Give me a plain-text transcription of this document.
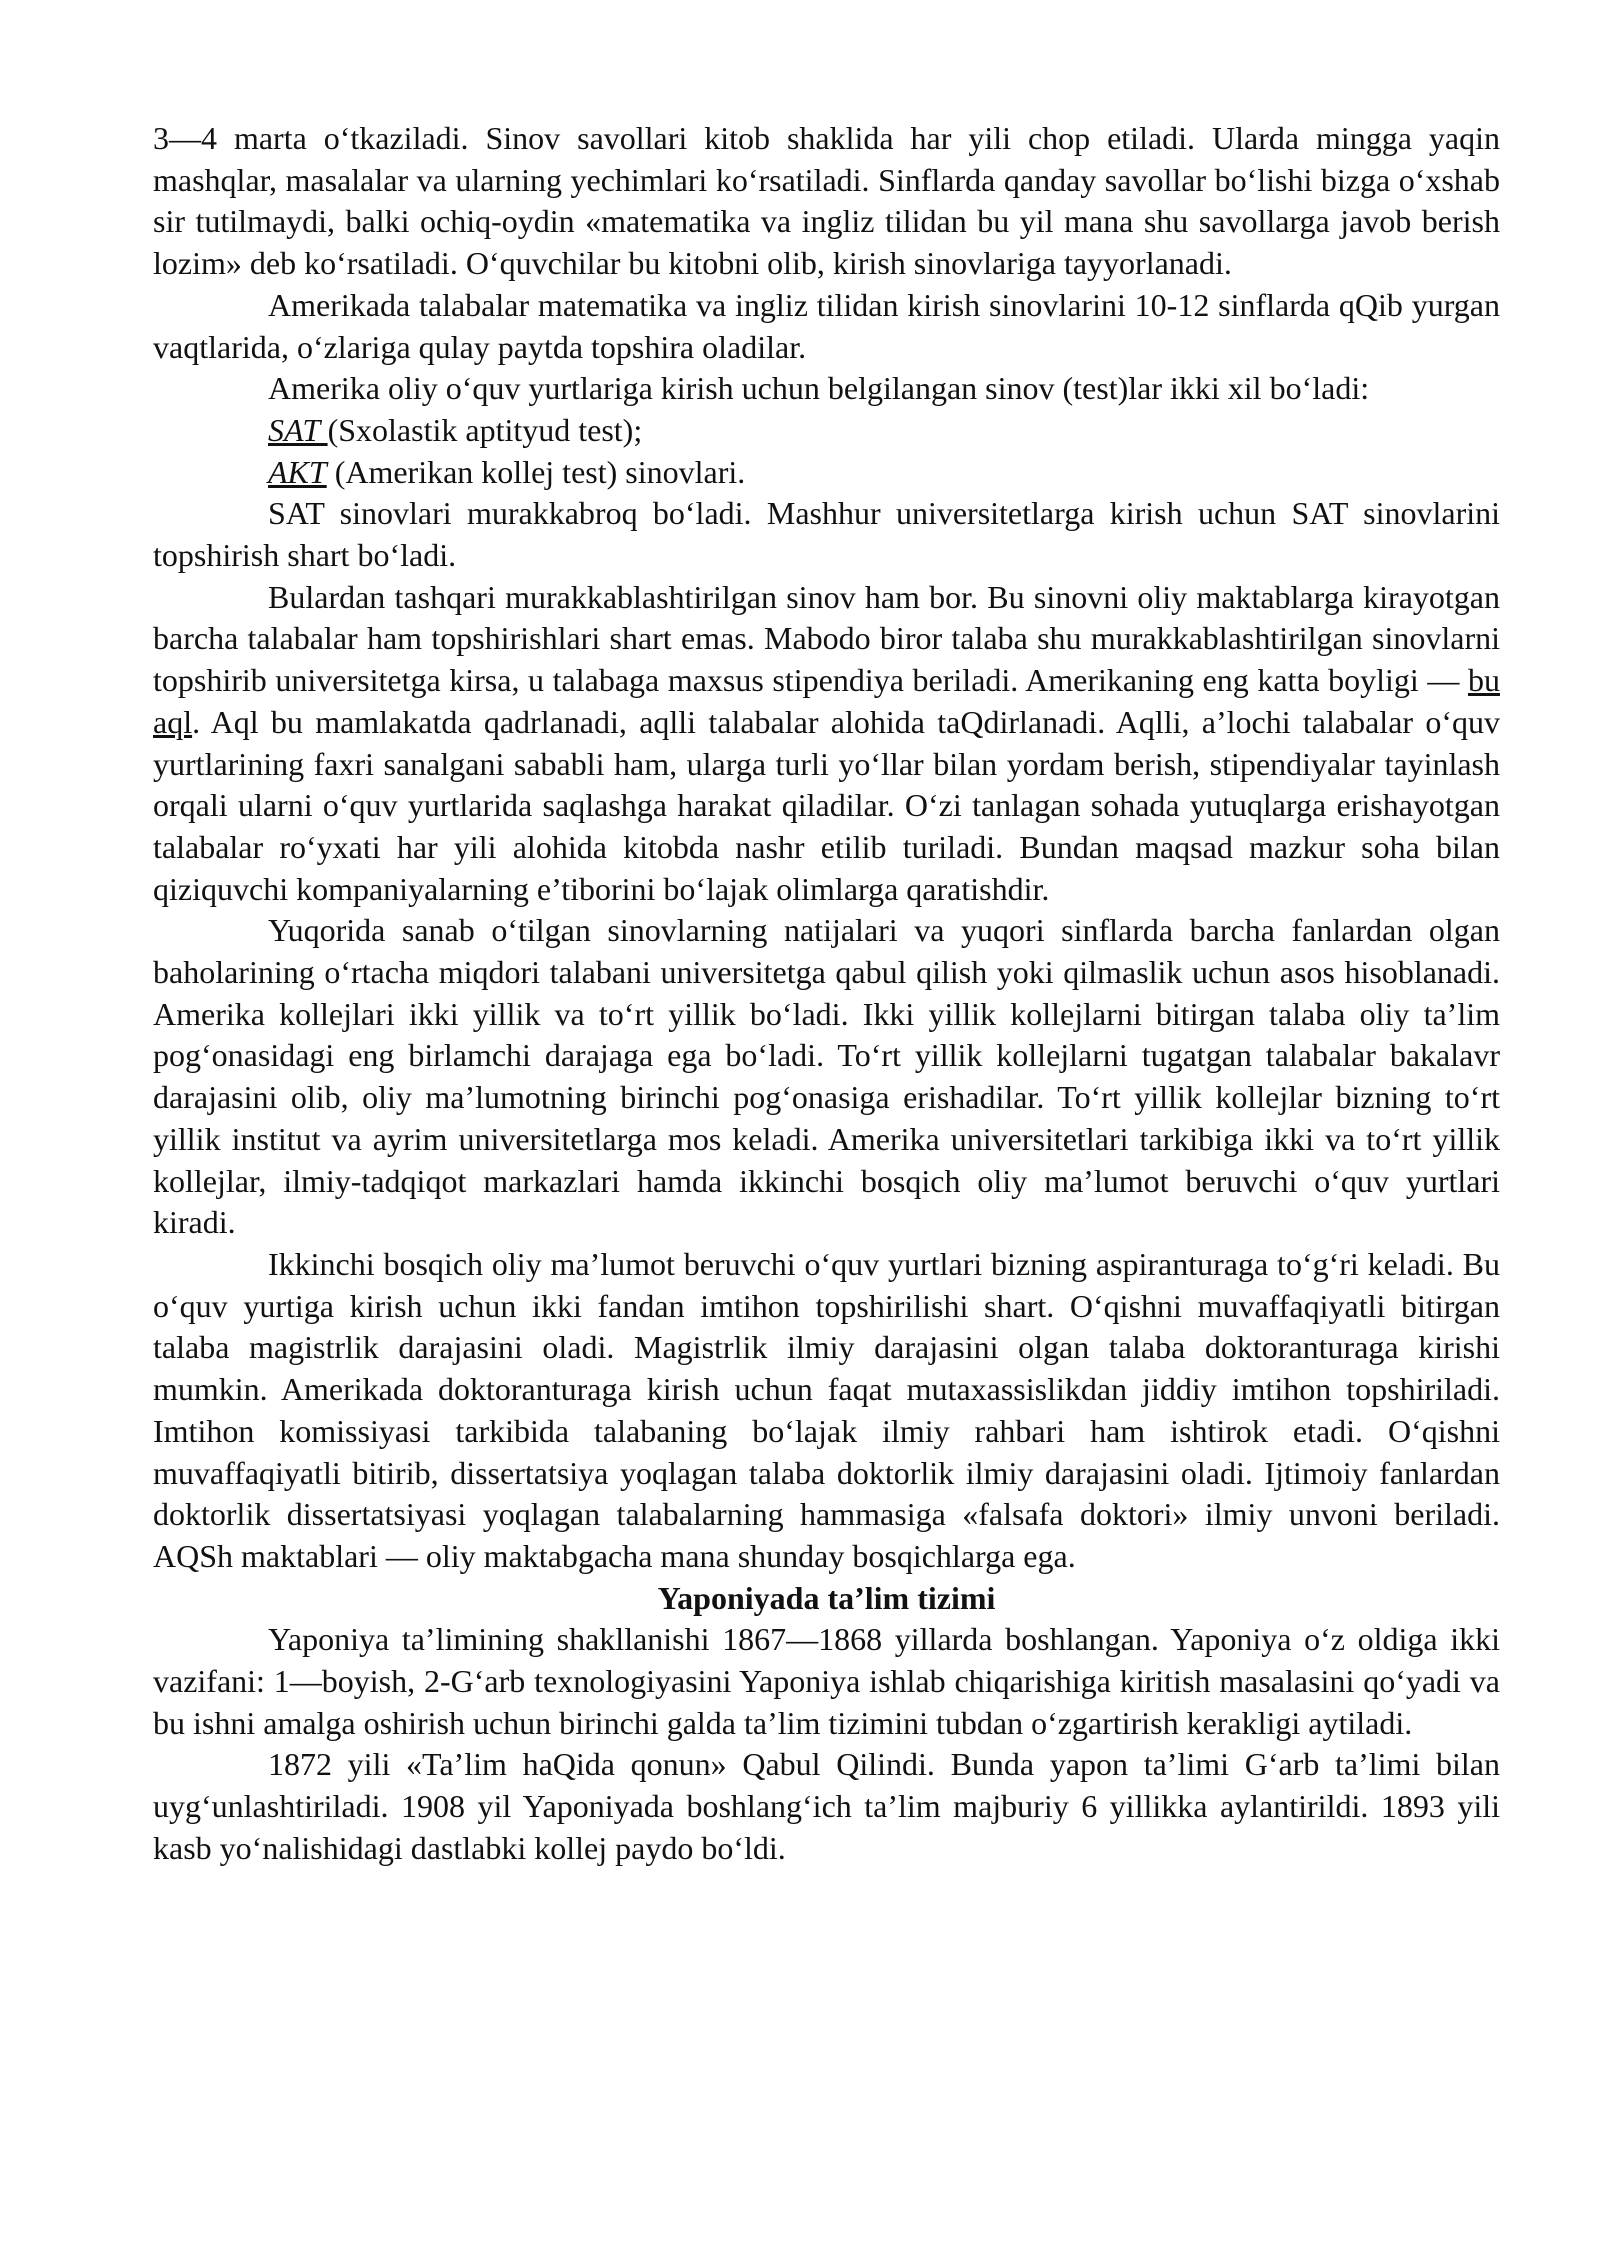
3—4 marta o‘tkaziladi. Sinov savollari kitob shaklida har yili chop etiladi. Ularda mingga yaqin mashqlar, masalalar va ularning yechimlari ko‘rsatiladi. Sinflarda qanday savollar bo‘lishi bizga o‘xshab sir tutilmaydi, balki ochiq-oydin «matematika va ingliz tilidan bu yil mana shu savollarga javob berish lozim» deb ko‘rsatiladi. O‘quvchilar bu kitobni olib, kirish sinovlariga tayyorlanadi.

Amerikada talabalar matematika va ingliz tilidan kirish sinovlarini 10-12 sinflarda qQib yurgan vaqtlarida, o‘zlariga qulay paytda topshira oladilar.

Amerika oliy o‘quv yurtlariga kirish uchun belgilangan sinov (test)lar ikki xil bo‘ladi:

SAT (Sxolastik aptityud test);

AKT (Amerikan kollej test) sinovlari.

SAT sinovlari murakkabroq bo‘ladi. Mashhur universitetlarga kirish uchun SAT sinovlarini topshirish shart bo‘ladi.

Bulardan tashqari murakkablashtirilgan sinov ham bor. Bu sinovni oliy maktablarga kirayotgan barcha talabalar ham topshirishlari shart emas. Mabodo biror talaba shu murakkablashtirilgan sinovlarni topshirib universitetga kirsa, u talabaga maxsus stipendiya beriladi. Amerikaning eng katta boyligi — bu aql. Aql bu mamlakatda qadrlanadi, aqlli talabalar alohida taQdirlanadi. Aqlli, a’lochi talabalar o‘quv yurtlarining faxri sanalgani sababli ham, ularga turli yo‘llar bilan yordam berish, stipendiyalar tayinlash orqali ularni o‘quv yurtlarida saqlashga harakat qiladilar. O‘zi tanlagan sohada yutuqlarga erishayotgan talabalar ro‘yxati har yili alohida kitobda nashr etilib turiladi. Bundan maqsad mazkur soha bilan qiziquvchi kompaniyalarning e’tiborini bo‘lajak olimlarga qaratishdir.

Yuqorida sanab o‘tilgan sinovlarning natijalari va yuqori sinflarda barcha fanlardan olgan baholarining o‘rtacha miqdori talabani universitetga qabul qilish yoki qilmaslik uchun asos hisoblanadi. Amerika kollejlari ikki yillik va to‘rt yillik bo‘ladi. Ikki yillik kollejlarni bitirgan talaba oliy ta’lim pog‘onasidagi eng birlamchi darajaga ega bo‘ladi. To‘rt yillik kollejlarni tugatgan talabalar bakalavr darajasini olib, oliy ma’lumotning birinchi pog‘onasiga erishadilar. To‘rt yillik kollejlar bizning to‘rt yillik institut va ayrim universitetlarga mos keladi. Amerika universitetlari tarkibiga ikki va to‘rt yillik kollejlar, ilmiy-tadqiqot markazlari hamda ikkinchi bosqich oliy ma’lumot beruvchi o‘quv yurtlari kiradi.

Ikkinchi bosqich oliy ma’lumot beruvchi o‘quv yurtlari bizning aspiranturaga to‘g‘ri keladi. Bu o‘quv yurtiga kirish uchun ikki fandan imtihon topshirilishi shart. O‘qishni muvaffaqiyatli bitirgan talaba magistrlik darajasini oladi. Magistrlik ilmiy darajasini olgan talaba doktoranturaga kirishi mumkin. Amerikada doktoranturaga kirish uchun faqat mutaxassislikdan jiddiy imtihon topshiriladi. Imtihon komissiyasi tarkibida talabaning bo‘lajak ilmiy rahbari ham ishtirok etadi. O‘qishni muvaffaqiyatli bitirib, dissertatsiya yoqlagan talaba doktorlik ilmiy darajasini oladi. Ijtimoiy fanlardan doktorlik dissertatsiyasi yoqlagan talabalarning hammasiga «falsafa doktori» ilmiy unvoni beriladi. AQSh maktablari — oliy maktabgacha mana shunday bosqichlarga ega.

Yaponiyada ta’lim tizimi

Yaponiya ta’limining shakllanishi 1867—1868 yillarda boshlangan. Yaponiya o‘z oldiga ikki vazifani: 1—boyish, 2-G‘arb texnologiyasini Yaponiya ishlab chiqarishiga kiritish masalasini qo‘yadi va bu ishni amalga oshirish uchun birinchi galda ta’lim tizimini tubdan o‘zgartirish kerakligi aytiladi.

1872 yili «Ta’lim haQida qonun» Qabul Qilindi. Bunda yapon ta’limi G‘arb ta’limi bilan uyg‘unlashtiriladi. 1908 yil Yaponiyada boshlang‘ich ta’lim majburiy 6 yillikka aylantirildi. 1893 yili kasb yo‘nalishidagi dastlabki kollej paydo bo‘ldi.
